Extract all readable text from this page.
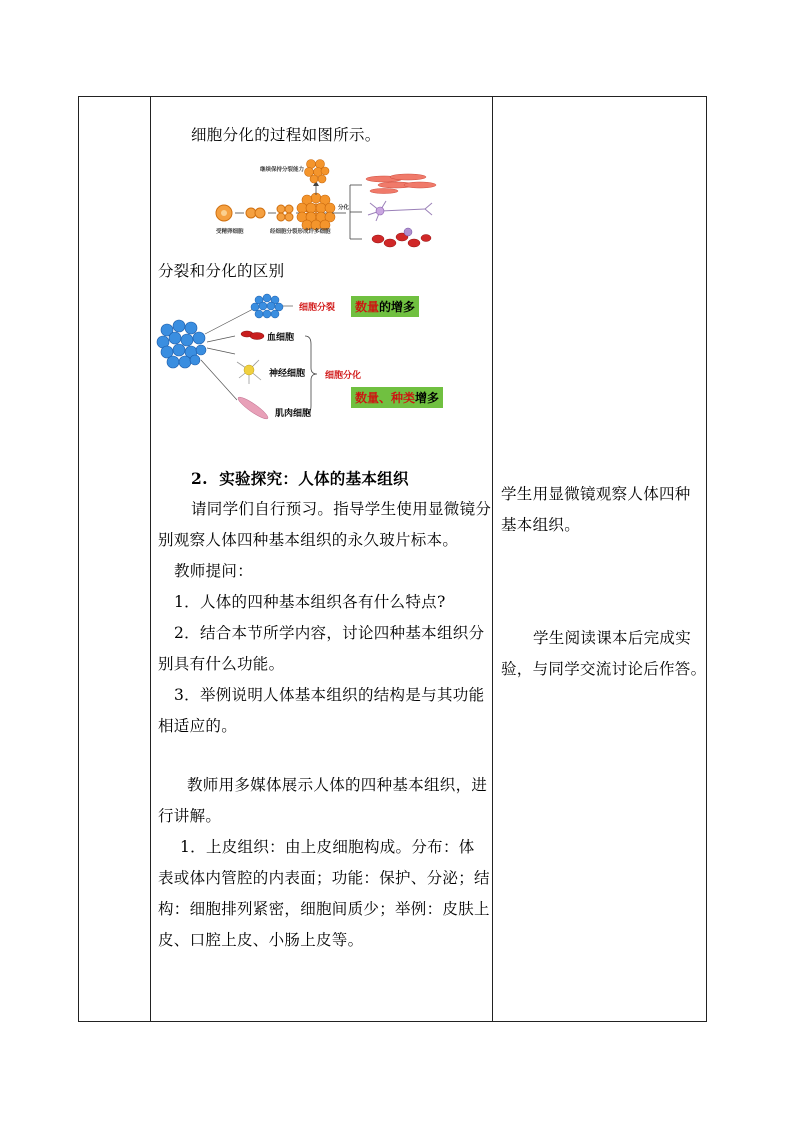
细胞分化的过程如图所示。
继续保持分裂能力
受精卵细胞	经细胞分裂形成许多细胞
分化
分裂和分化的区别
细胞分裂	数量的增多
血细胞
神经细胞
肌肉细胞
细胞分化
数量、种类增多
2. 实验探究：人体的基本组织
请同学们自行预习。指导学生使用显微镜分
别观察人体四种基本组织的永久玻片标本。
教师提问：
1．人体的四种基本组织各有什么特点?
2．结合本节所学内容，讨论四种基本组织分
别具有什么功能。
3．举例说明人体基本组织的结构是与其功能
相适应的。
教师用多媒体展示人体的四种基本组织，进
行讲解。
1．上皮组织：由上皮细胞构成。分布：体
表或体内管腔的内表面；功能：保护、分泌；结
构：细胞排列紧密，细胞间质少；举例：皮肤上
皮、口腔上皮、小肠上皮等。
学生用显微镜观察人体四种
基本组织。
学生阅读课本后完成实
验，与同学交流讨论后作答。
